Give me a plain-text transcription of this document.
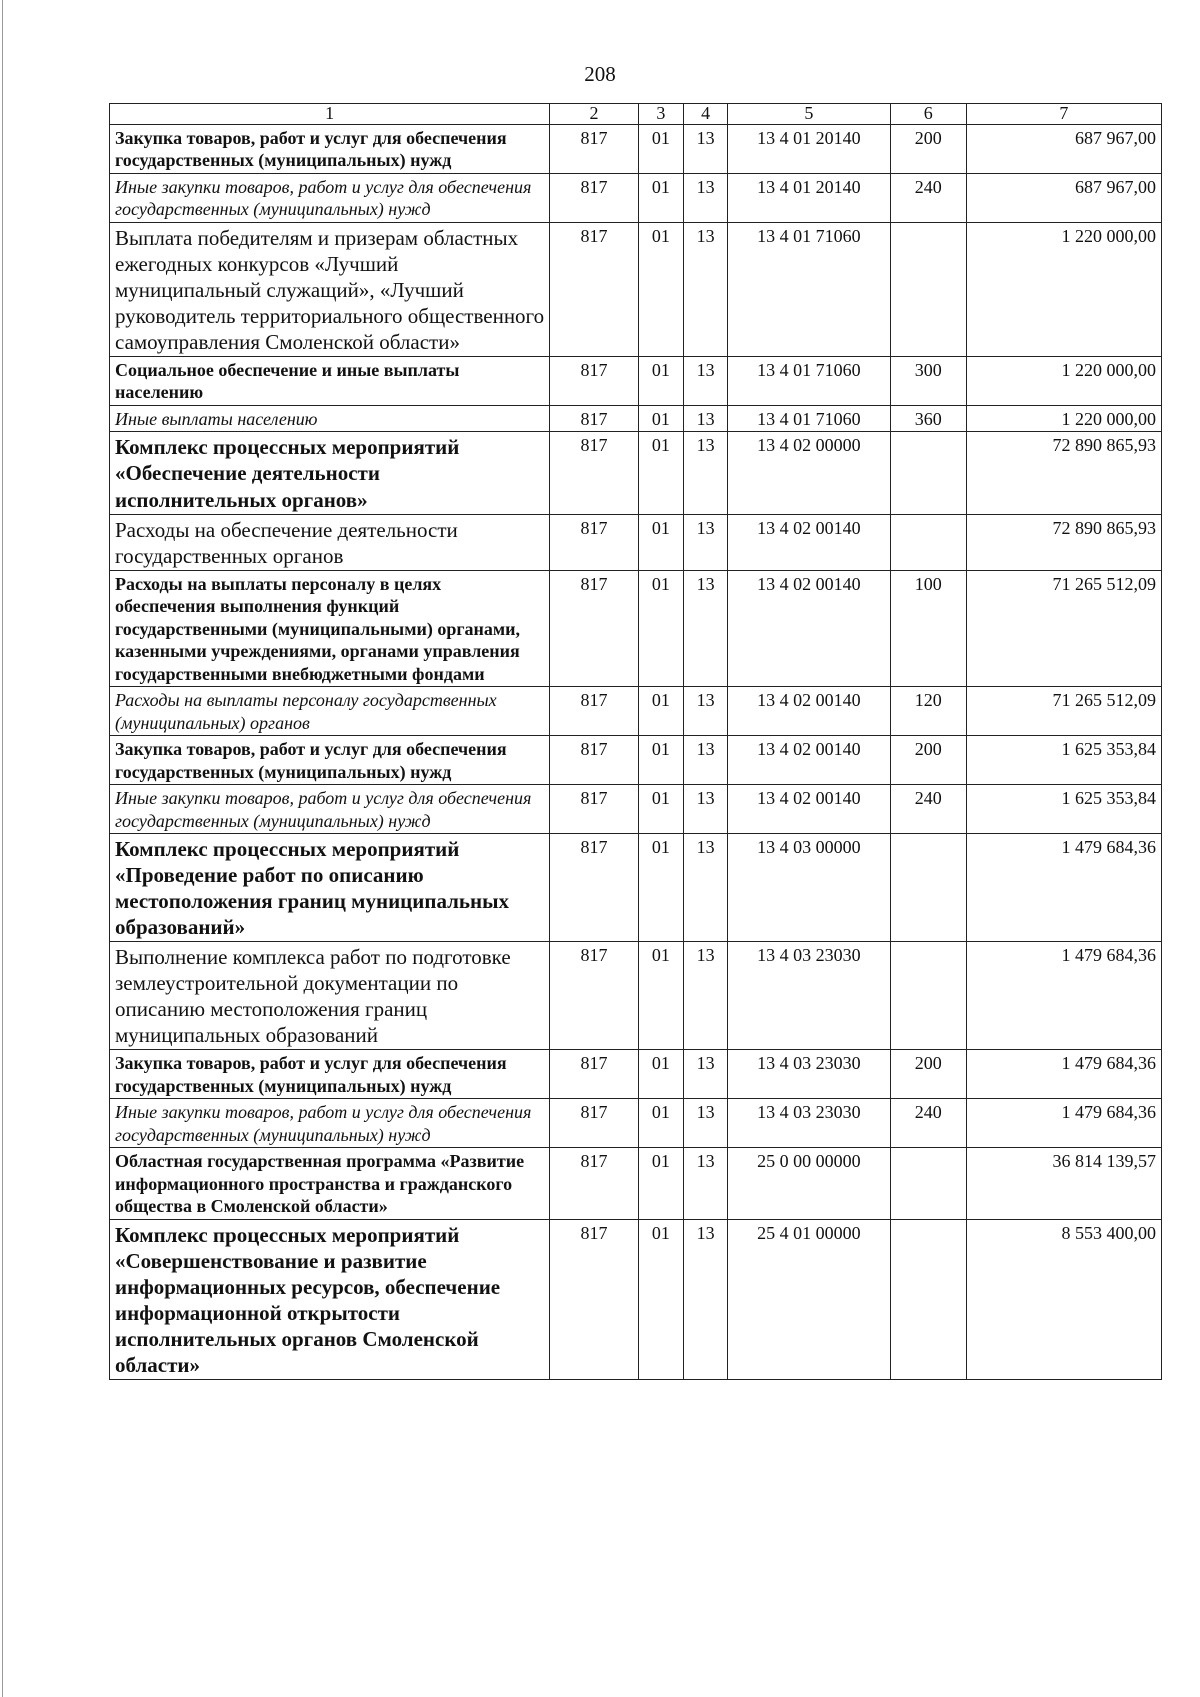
208
1	2	3	4	5	6	7
Закупка товаров, работ и услуг для обеспечения государственных (муниципальных) нужд	817	01	13	13 4 01 20140	200	687 967,00
Иные закупки товаров, работ и услуг для обеспечения государственных (муниципальных) нужд	817	01	13	13 4 01 20140	240	687 967,00
Выплата победителям и призерам областных ежегодных конкурсов «Лучший муниципальный служащий», «Лучший руководитель территориального общественного самоуправления Смоленской области»	817	01	13	13 4 01 71060		1 220 000,00
Социальное обеспечение и иные выплаты населению	817	01	13	13 4 01 71060	300	1 220 000,00
Иные выплаты населению	817	01	13	13 4 01 71060	360	1 220 000,00
Комплекс процессных мероприятий «Обеспечение деятельности исполнительных органов»	817	01	13	13 4 02 00000		72 890 865,93
Расходы на обеспечение деятельности государственных органов	817	01	13	13 4 02 00140		72 890 865,93
Расходы на выплаты персоналу в целях обеспечения выполнения функций государственными (муниципальными) органами, казенными учреждениями, органами управления государственными внебюджетными фондами	817	01	13	13 4 02 00140	100	71 265 512,09
Расходы на выплаты персоналу государственных (муниципальных) органов	817	01	13	13 4 02 00140	120	71 265 512,09
Закупка товаров, работ и услуг для обеспечения государственных (муниципальных) нужд	817	01	13	13 4 02 00140	200	1 625 353,84
Иные закупки товаров, работ и услуг для обеспечения государственных (муниципальных) нужд	817	01	13	13 4 02 00140	240	1 625 353,84
Комплекс процессных мероприятий «Проведение работ по описанию местоположения границ муниципальных образований»	817	01	13	13 4 03 00000		1 479 684,36
Выполнение комплекса работ по подготовке землеустроительной документации по описанию местоположения границ муниципальных образований	817	01	13	13 4 03 23030		1 479 684,36
Закупка товаров, работ и услуг для обеспечения государственных (муниципальных) нужд	817	01	13	13 4 03 23030	200	1 479 684,36
Иные закупки товаров, работ и услуг для обеспечения государственных (муниципальных) нужд	817	01	13	13 4 03 23030	240	1 479 684,36
Областная государственная программа «Развитие информационного пространства и гражданского общества в Смоленской области»	817	01	13	25 0 00 00000		36 814 139,57
Комплекс процессных мероприятий «Совершенствование и развитие информационных ресурсов, обеспечение информационной открытости исполнительных органов Смоленской области»	817	01	13	25 4 01 00000		8 553 400,00
